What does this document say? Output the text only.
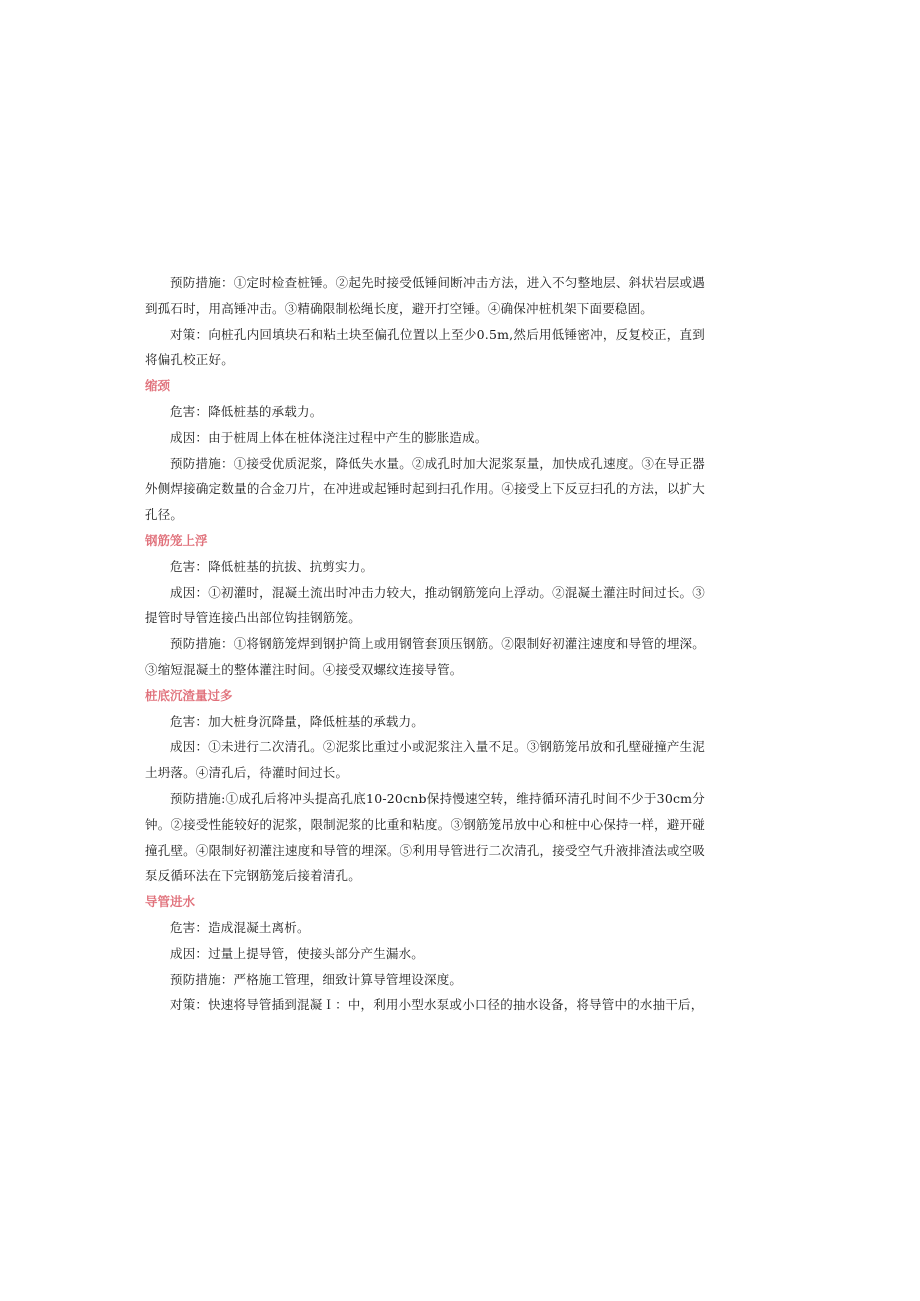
预防措施：①定时检查桩锤。②起先时接受低锤间断冲击方法，进入不匀整地层、斜状岩层或遇到孤石时，用高锤冲击。③精确限制松绳长度，避开打空锤。④确保冲桩机架下面要稳固。

对策：向桩孔内回填块石和粘土块至偏孔位置以上至少0.5m,然后用低锤密冲，反复校正，直到将偏孔校正好。

缩颈

危害：降低桩基的承载力。

成因：由于桩周上体在桩体浇注过程中产生的膨胀造成。

预防措施：①接受优质泥浆，降低失水量。②成孔时加大泥浆泵量，加快成孔速度。③在导正器外侧焊接确定数量的合金刀片，在冲进或起锤时起到扫孔作用。④接受上下反豆扫孔的方法，以扩大孔径。

钢筋笼上浮

危害：降低桩基的抗拔、抗剪实力。

成因：①初灌时，混凝土流出时冲击力较大，推动钢筋笼向上浮动。②混凝土灌注时间过长。③提管时导管连接凸出部位钩挂钢筋笼。

预防措施：①将钢筋笼焊到钢护筒上或用钢管套顶压钢筋。②限制好初灌注速度和导管的埋深。③缩短混凝土的整体灌注时间。④接受双螺纹连接导管。

桩底沉渣量过多

危害：加大桩身沉降量，降低桩基的承载力。

成因：①未进行二次清孔。②泥浆比重过小或泥浆注入量不足。③钢筋笼吊放和孔壁碰撞产生泥土坍落。④清孔后，待灌时间过长。

预防措施:①成孔后将冲头提高孔底10-20cnb保持慢速空转，维持循环清孔时间不少于30cm分钟。②接受性能较好的泥浆，限制泥浆的比重和粘度。③钢筋笼吊放中心和桩中心保持一样，避开碰撞孔壁。④限制好初灌注速度和导管的埋深。⑤利用导管进行二次清孔，接受空气升液排渣法或空吸泵反循环法在下完钢筋笼后接着清孔。

导管进水

危害：造成混凝土离析。

成因：过量上提导管，使接头部分产生漏水。

预防措施：严格施工管理，细致计算导管埋设深度。

对策：快速将导管插到混凝Ｉ：中，利用小型水泵或小口径的抽水设备，将导管中的水抽干后，
